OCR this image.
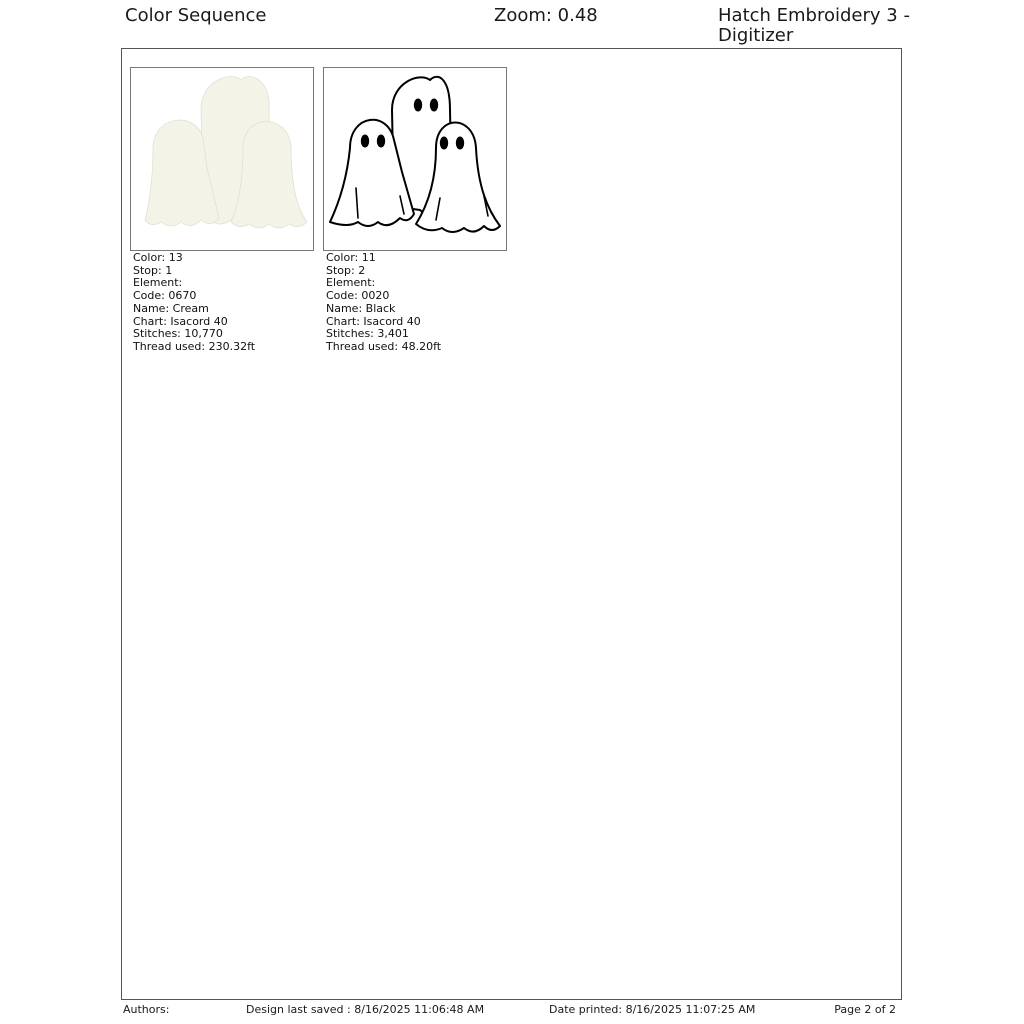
Color Sequence	Zoom: 0.48	Hatch Embroidery 3 - Digitizer
Color: 13
Stop: 1
Element:
Code: 0670
Name: Cream
Chart: Isacord 40
Stitches: 10,770
Thread used: 230.32ft
Color: 11
Stop: 2
Element:
Code: 0020
Name: Black
Chart: Isacord 40
Stitches: 3,401
Thread used: 48.20ft
Authors:	Design last saved : 8/16/2025 11:06:48 AM	Date printed: 8/16/2025 11:07:25 AM	Page 2 of 2
